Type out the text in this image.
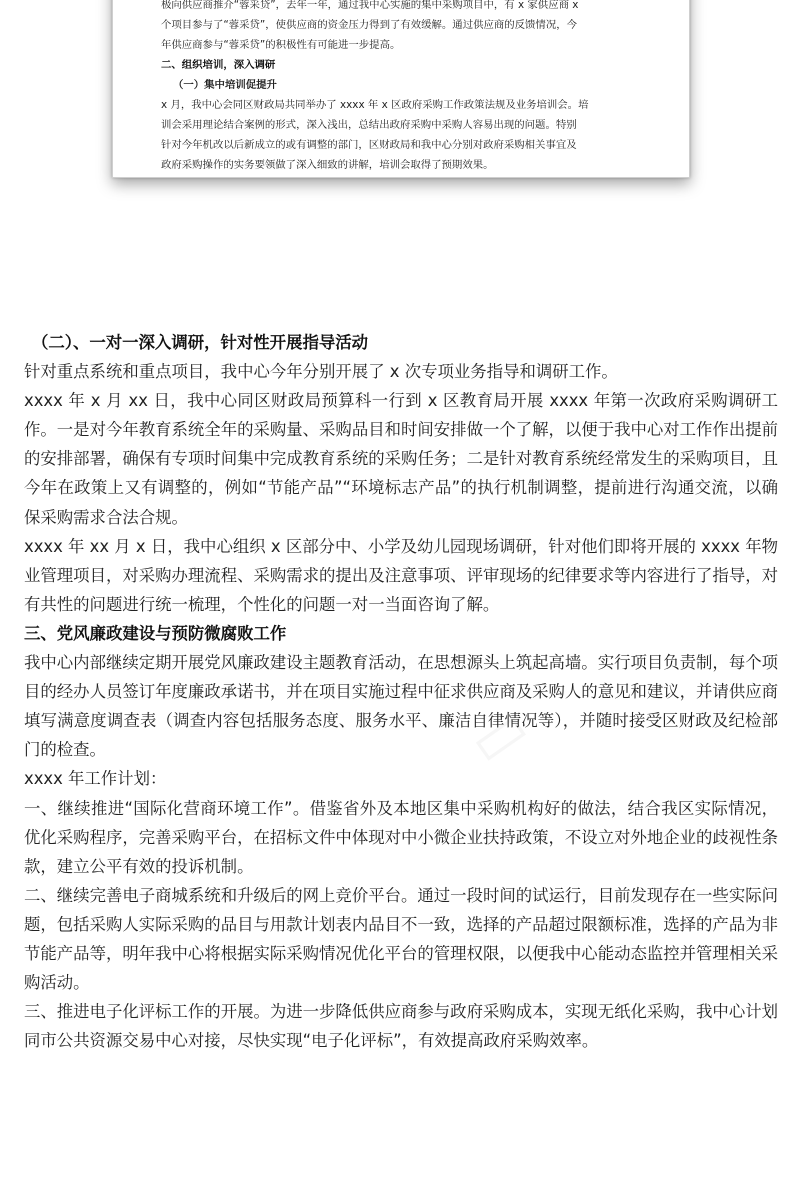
极向供应商推介“蓉采贷”，去年一年，通过我中心实施的集中采购项目中，有 x 家供应商 x

个项目参与了“蓉采贷”，使供应商的资金压力得到了有效缓解。通过供应商的反馈情况，今

年供应商参与“蓉采贷”的积极性有可能进一步提高。

二、组织培训，深入调研

（一）集中培训促提升

x 月，我中心会同区财政局共同举办了 xxxx 年 x 区政府采购工作政策法规及业务培训会。培

训会采用理论结合案例的形式，深入浅出，总结出政府采购中采购人容易出现的问题。特别

针对今年机改以后新成立的或有调整的部门，区财政局和我中心分别对政府采购相关事宜及

政府采购操作的实务要领做了深入细致的讲解，培训会取得了预期效果。

（二）、一对一深入调研，针对性开展指导活动

针对重点系统和重点项目，我中心今年分别开展了 x 次专项业务指导和调研工作。

xxxx 年 x 月 xx 日，我中心同区财政局预算科一行到 x 区教育局开展 xxxx 年第一次政府采购调研工作。一是对今年教育系统全年的采购量、采购品目和时间安排做一个了解，以便于我中心对工作作出提前的安排部署，确保有专项时间集中完成教育系统的采购任务；二是针对教育系统经常发生的采购项目，且今年在政策上又有调整的，例如“节能产品”“环境标志产品”的执行机制调整，提前进行沟通交流，以确保采购需求合法合规。

xxxx 年 xx 月 x 日，我中心组织 x 区部分中、小学及幼儿园现场调研，针对他们即将开展的 xxxx 年物业管理项目，对采购办理流程、采购需求的提出及注意事项、评审现场的纪律要求等内容进行了指导，对有共性的问题进行统一梳理，个性化的问题一对一当面咨询了解。

三、党风廉政建设与预防微腐败工作

我中心内部继续定期开展党风廉政建设主题教育活动，在思想源头上筑起高墙。实行项目负责制，每个项目的经办人员签订年度廉政承诺书，并在项目实施过程中征求供应商及采购人的意见和建议，并请供应商填写满意度调查表（调查内容包括服务态度、服务水平、廉洁自律情况等），并随时接受区财政及纪检部门的检查。

xxxx 年工作计划：

一、继续推进“国际化营商环境工作”。借鉴省外及本地区集中采购机构好的做法，结合我区实际情况，优化采购程序，完善采购平台，在招标文件中体现对中小微企业扶持政策，不设立对外地企业的歧视性条款，建立公平有效的投诉机制。

二、继续完善电子商城系统和升级后的网上竞价平台。通过一段时间的试运行，目前发现存在一些实际问题，包括采购人实际采购的品目与用款计划表内品目不一致，选择的产品超过限额标准，选择的产品为非节能产品等，明年我中心将根据实际采购情况优化平台的管理权限，以便我中心能动态监控并管理相关采购活动。

三、推进电子化评标工作的开展。为进一步降低供应商参与政府采购成本，实现无纸化采购，我中心计划同市公共资源交易中心对接，尽快实现“电子化评标”，有效提高政府采购效率。
